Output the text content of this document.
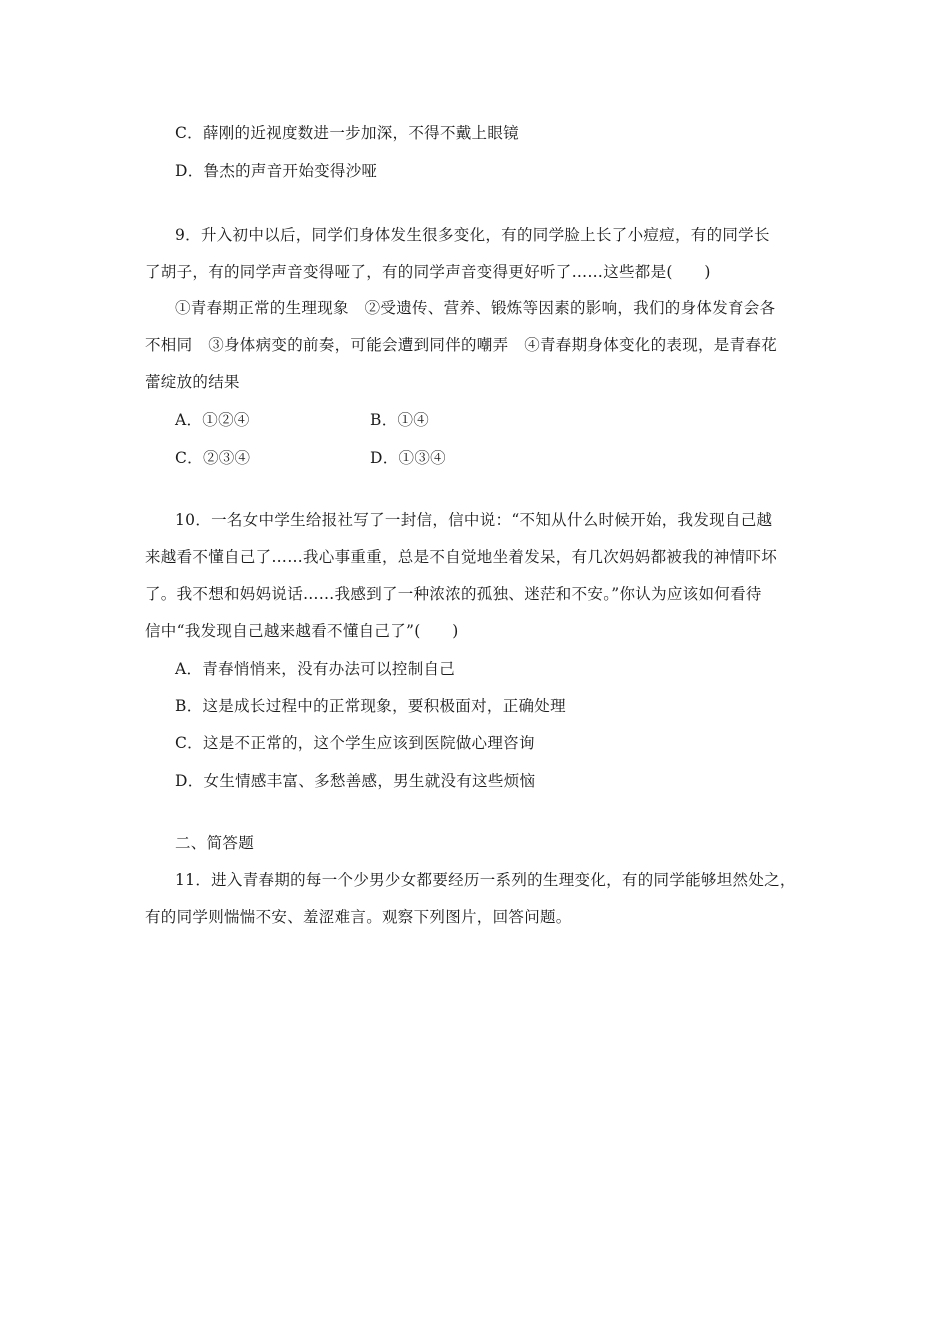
C．薛刚的近视度数进一步加深，不得不戴上眼镜
D．鲁杰的声音开始变得沙哑
9．升入初中以后，同学们身体发生很多变化，有的同学脸上长了小痘痘，有的同学长
了胡子，有的同学声音变得哑了，有的同学声音变得更好听了……这些都是(　　)
①青春期正常的生理现象　②受遗传、营养、锻炼等因素的影响，我们的身体发育会各
不相同　③身体病变的前奏，可能会遭到同伴的嘲弄　④青春期身体变化的表现，是青春花
蕾绽放的结果
A．①②④	B．①④
C．②③④	D．①③④
10．一名女中学生给报社写了一封信，信中说：“不知从什么时候开始，我发现自己越
来越看不懂自己了……我心事重重，总是不自觉地坐着发呆，有几次妈妈都被我的神情吓坏
了。我不想和妈妈说话……我感到了一种浓浓的孤独、迷茫和不安。”你认为应该如何看待
信中“我发现自己越来越看不懂自己了”(　　)
A．青春悄悄来，没有办法可以控制自己
B．这是成长过程中的正常现象，要积极面对，正确处理
C．这是不正常的，这个学生应该到医院做心理咨询
D．女生情感丰富、多愁善感，男生就没有这些烦恼
二、简答题
11．进入青春期的每一个少男少女都要经历一系列的生理变化，有的同学能够坦然处之，
有的同学则惴惴不安、羞涩难言。观察下列图片，回答问题。
